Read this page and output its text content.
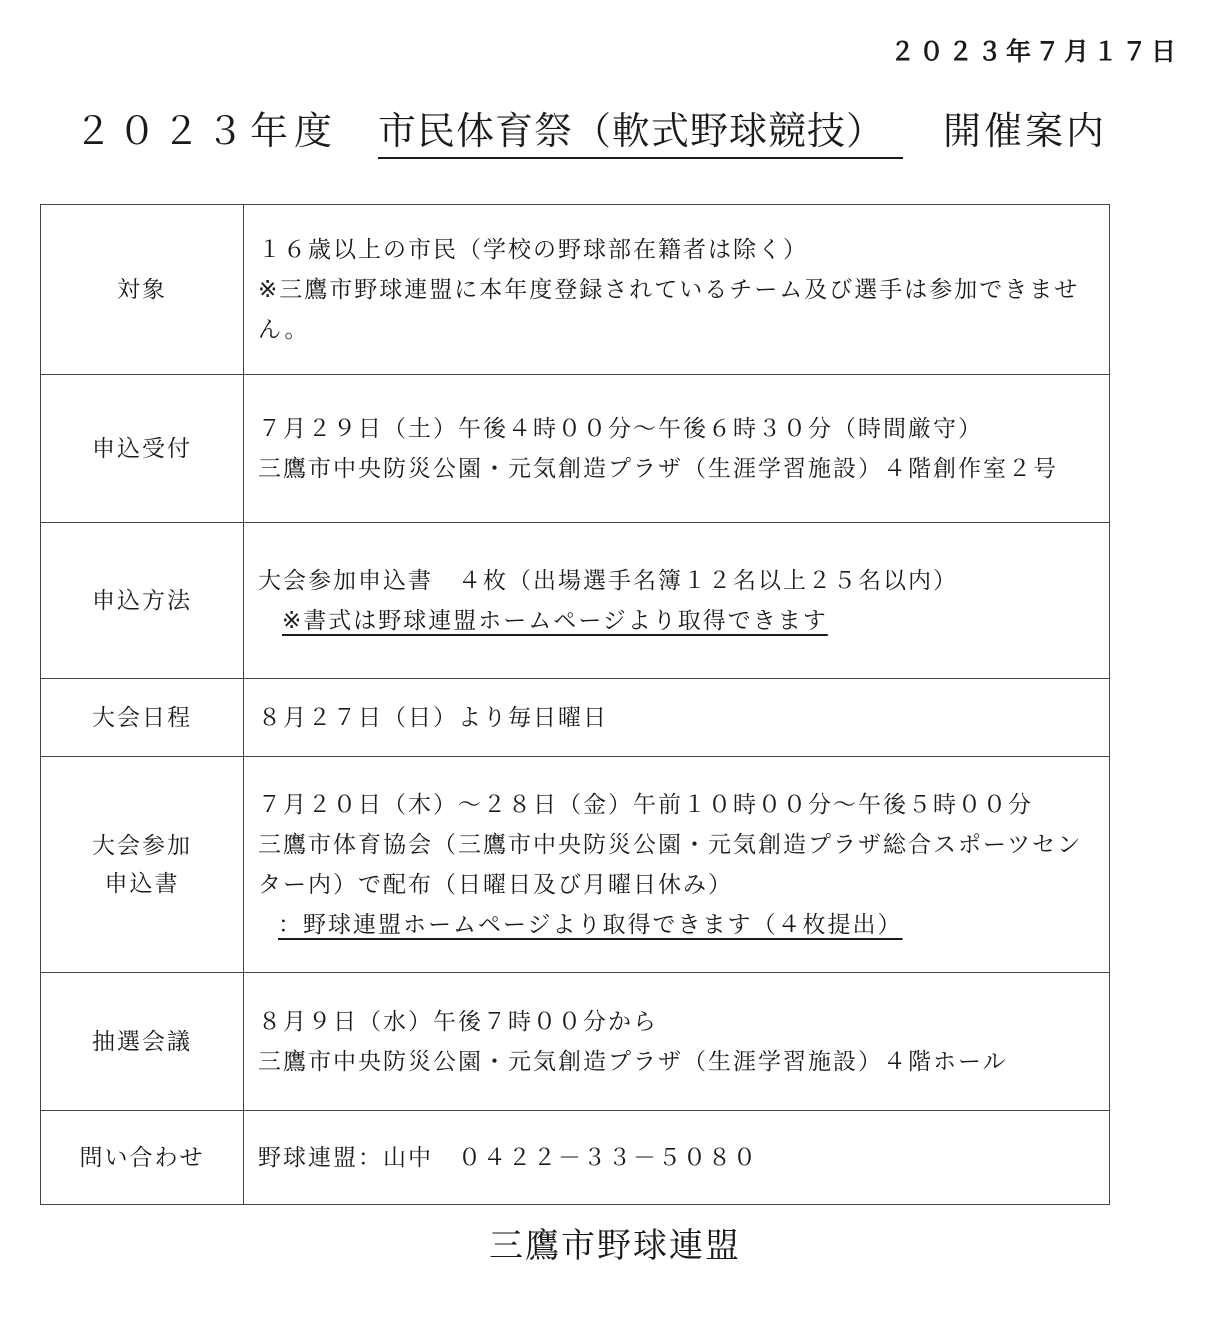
２０２３年７月１７日
２０２３年度 市民体育祭（軟式野球競技） 開催案内
対象	１６歳以上の市民（学校の野球部在籍者は除く）
※三鷹市野球連盟に本年度登録されているチーム及び選手は参加できません。

申込受付	７月２９日（土）午後４時００分～午後６時３０分（時間厳守）
三鷹市中央防災公園・元気創造プラザ（生涯学習施設）４階創作室２号

申込方法	大会参加申込書　４枚（出場選手名簿１２名以上２５名以内）
※書式は野球連盟ホームページより取得できます

大会日程	８月２７日（日）より毎日曜日

大会参加
申込書	７月２０日（木）～２８日（金）午前１０時００分～午後５時００分
三鷹市体育協会（三鷹市中央防災公園・元気創造プラザ総合スポーツセンター内）で配布（日曜日及び月曜日休み）
：野球連盟ホームページより取得できます（４枚提出）

抽選会議	８月９日（水）午後７時００分から
三鷹市中央防災公園・元気創造プラザ（生涯学習施設）４階ホール

問い合わせ	野球連盟：山中　０４２２－３３－５０８０
三鷹市野球連盟
